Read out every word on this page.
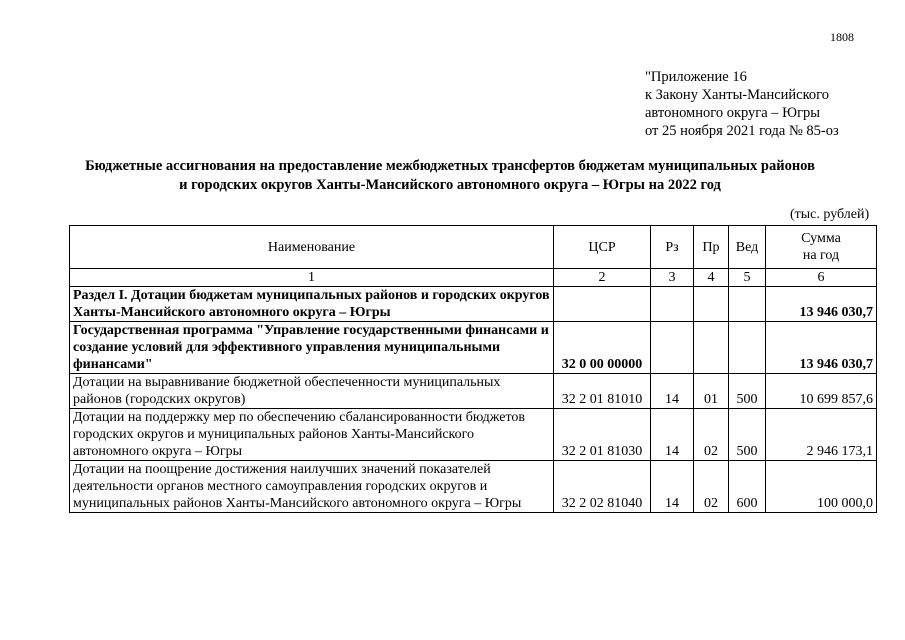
1808
"Приложение 16
к Закону Ханты-Мансийского
автономного округа – Югры
от 25 ноября 2021 года № 85-оз
Бюджетные ассигнования на предоставление межбюджетных трансфертов бюджетам муниципальных районов
и городских округов Ханты-Мансийского автономного округа – Югры на 2022 год
(тыс. рублей)
Наименование	ЦСР	Рз	Пр	Вед	Сумма
на год

1	2	3	4	5	6
Раздел I. Дотации бюджетам муниципальных районов и городских округов Ханты-Мансийского автономного округа – Югры					13 946 030,7
Государственная программа "Управление государственными финансами и создание условий для эффективного управления муниципальными финансами"	32 0 00 00000				13 946 030,7
Дотации на выравнивание бюджетной обеспеченности муниципальных районов (городских округов)	32 2 01 81010	14	01	500	10 699 857,6
Дотации на поддержку мер по обеспечению сбалансированности бюджетов городских округов и муниципальных районов Ханты-Мансийского автономного округа – Югры	32 2 01 81030	14	02	500	2 946 173,1
Дотации на поощрение достижения наилучших значений показателей деятельности органов местного самоуправления городских округов и муниципальных районов Ханты-Мансийского автономного округа – Югры	32 2 02 81040	14	02	600	100 000,0
